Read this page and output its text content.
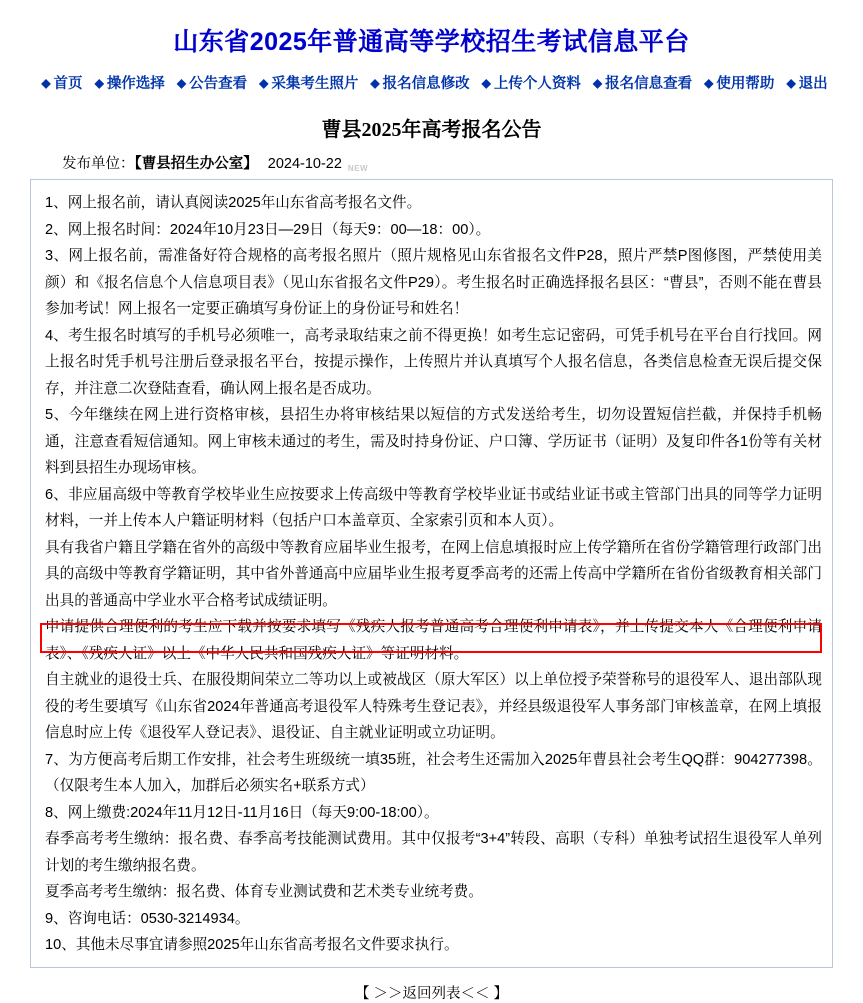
山东省2025年普通高等学校招生考试信息平台
◆ 首页 ◆ 操作选择 ◆ 公告查看 ◆ 采集考生照片 ◆ 报名信息修改 ◆ 上传个人资料 ◆ 报名信息查看 ◆ 使用帮助 ◆ 退出
曹县2025年高考报名公告
发布单位：【曹县招生办公室】 2024-10-22 NEW

1、网上报名前，请认真阅读2025年山东省高考报名文件。

2、网上报名时间：2024年10月23日—29日（每天9：00—18：00）。

3、网上报名前，需准备好符合规格的高考报名照片（照片规格见山东省报名文件P28，照片严禁P图修图，严禁使用美颜）和《报名信息个人信息项目表》（见山东省报名文件P29）。考生报名时正确选择报名县区：“曹县”，否则不能在曹县参加考试！网上报名一定要正确填写身份证上的身份证号和姓名！

4、考生报名时填写的手机号必须唯一，高考录取结束之前不得更换！如考生忘记密码，可凭手机号在平台自行找回。网上报名时凭手机号注册后登录报名平台，按提示操作，上传照片并认真填写个人报名信息，各类信息检查无误后提交保存，并注意二次登陆查看，确认网上报名是否成功。

5、今年继续在网上进行资格审核，县招生办将审核结果以短信的方式发送给考生，切勿设置短信拦截，并保持手机畅通，注意查看短信通知。网上审核未通过的考生，需及时持身份证、户口簿、学历证书（证明）及复印件各1份等有关材料到县招生办现场审核。

6、非应届高级中等教育学校毕业生应按要求上传高级中等教育学校毕业证书或结业证书或主管部门出具的同等学力证明材料，一并上传本人户籍证明材料（包括户口本盖章页、全家索引页和本人页）。

具有我省户籍且学籍在省外的高级中等教育应届毕业生报考，在网上信息填报时应上传学籍所在省份学籍管理行政部门出具的高级中等教育学籍证明，其中省外普通高中应届毕业生报考夏季高考的还需上传高中学籍所在省份省级教育相关部门出具的普通高中学业水平合格考试成绩证明。

申请提供合理便利的考生应下载并按要求填写《残疾人报考普通高考合理便利申请表》，并上传提交本人《合理便利申请表》、《残疾人证》以上《中华人民共和国残疾人证》等证明材料。

自主就业的退役士兵、在服役期间荣立二等功以上或被战区（原大军区）以上单位授予荣誉称号的退役军人、退出部队现役的考生要填写《山东省2024年普通高考退役军人特殊考生登记表》，并经县级退役军人事务部门审核盖章，在网上填报信息时应上传《退役军人登记表》、退役证、自主就业证明或立功证明。

7、为方便高考后期工作安排，社会考生班级统一填35班，社会考生还需加入2025年曹县社会考生QQ群：904277398。（仅限考生本人加入，加群后必须实名+联系方式）

8、网上缴费:2024年11月12日-11月16日（每天9:00-18:00）。

春季高考考生缴纳：报名费、春季高考技能测试费用。其中仅报考“3+4”转段、高职（专科）单独考试招生退役军人单列计划的考生缴纳报名费。

夏季高考考生缴纳：报名费、体育专业测试费和艺术类专业统考费。

9、咨询电话：0530-3214934。

10、其他未尽事宜请参照2025年山东省高考报名文件要求执行。

【 ＞＞返回列表＜＜ 】
